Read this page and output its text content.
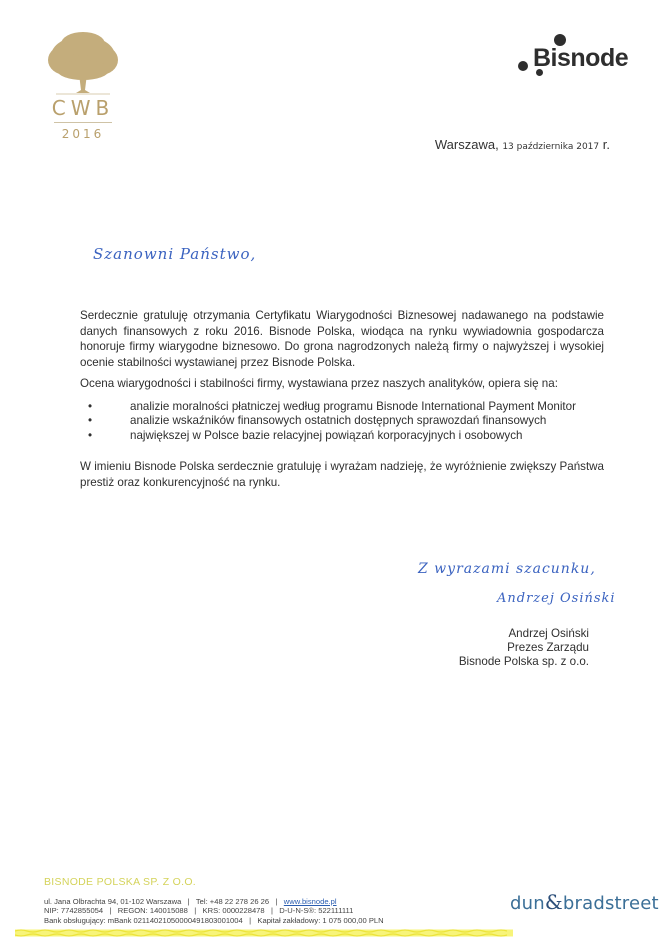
CWB
2016
Bisnode
Warszawa, 13 października 2017 r.
Szanowni Państwo,
Serdecznie gratuluję otrzymania Certyfikatu Wiarygodności Biznesowej nadawanego na podstawie danych finansowych z roku 2016. Bisnode Polska, wiodąca na rynku wywiadownia gospodarcza honoruje firmy wiarygodne biznesowo. Do grona nagrodzonych należą firmy o najwyższej i wysokiej ocenie stabilności wystawianej przez Bisnode Polska.
Ocena wiarygodności i stabilności firmy, wystawiana przez naszych analityków, opiera się na:
•	analizie moralności płatniczej według programu Bisnode International Payment Monitor
•	analizie wskaźników finansowych ostatnich dostępnych sprawozdań finansowych
•	największej w Polsce bazie relacyjnej powiązań korporacyjnych i osobowych
W imieniu Bisnode Polska serdecznie gratuluję i wyrażam nadzieję, że wyróżnienie zwiększy Państwa prestiż oraz konkurencyjność na rynku.
Z wyrazami szacunku,
Andrzej Osiński
Andrzej Osiński
Prezes Zarządu
Bisnode Polska sp. z o.o.
BISNODE POLSKA SP. Z O.O.
ul. Jana Olbrachta 94, 01-102 Warszawa | Tel: +48 22 278 26 26 | www.bisnode.pl
NIP: 7742855054 | REGON: 140015088 | KRS: 0000228478 | D-U-N-S®: 522111111
Bank obsługujący: mBank 02114021050000491803001004 | Kapitał zakładowy: 1 075 000,00 PLN
dun&bradstreet
